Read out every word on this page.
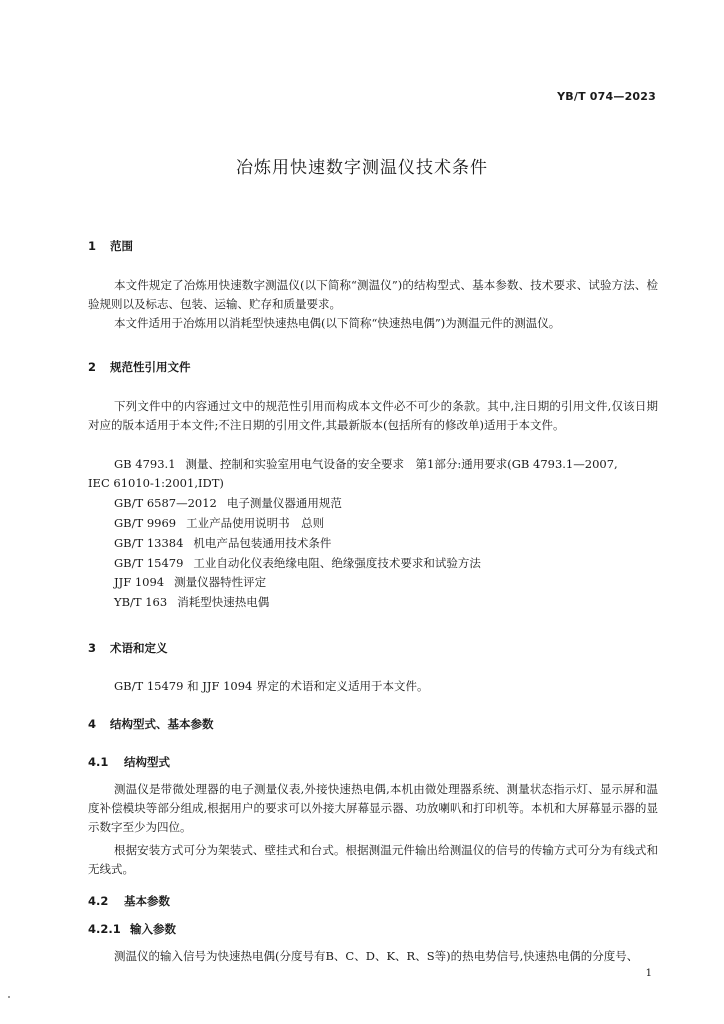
YB/T 074—2023
冶炼用快速数字测温仪技术条件
1 范围
本文件规定了冶炼用快速数字测温仪(以下简称“测温仪”)的结构型式、基本参数、技术要求、试验方法、检验规则以及标志、包装、运输、贮存和质量要求。
本文件适用于冶炼用以消耗型快速热电偶(以下简称“快速热电偶”)为测温元件的测温仪。
2 规范性引用文件
下列文件中的内容通过文中的规范性引用而构成本文件必不可少的条款。其中,注日期的引用文件,仅该日期对应的版本适用于本文件;不注日期的引用文件,其最新版本(包括所有的修改单)适用于本文件。
GB 4793.1 测量、控制和实验室用电气设备的安全要求　第1部分:通用要求(GB 4793.1—2007,
IEC 61010-1:2001,IDT)
GB/T 6587—2012 电子测量仪器通用规范
GB/T 9969 工业产品使用说明书　总则
GB/T 13384 机电产品包装通用技术条件
GB/T 15479 工业自动化仪表绝缘电阻、绝缘强度技术要求和试验方法
JJF 1094 测量仪器特性评定
YB/T 163 消耗型快速热电偶
3 术语和定义
GB/T 15479 和 JJF 1094 界定的术语和定义适用于本文件。
4 结构型式、基本参数
4.1 结构型式
测温仪是带微处理器的电子测量仪表,外接快速热电偶,本机由微处理器系统、测量状态指示灯、显示屏和温度补偿模块等部分组成,根据用户的要求可以外接大屏幕显示器、功放喇叭和打印机等。本机和大屏幕显示器的显示数字至少为四位。
根据安装方式可分为架装式、壁挂式和台式。根据测温元件输出给测温仪的信号的传输方式可分为有线式和无线式。
4.2 基本参数
4.2.1 输入参数
测温仪的输入信号为快速热电偶(分度号有B、C、D、K、R、S等)的热电势信号,快速热电偶的分度号、
1
